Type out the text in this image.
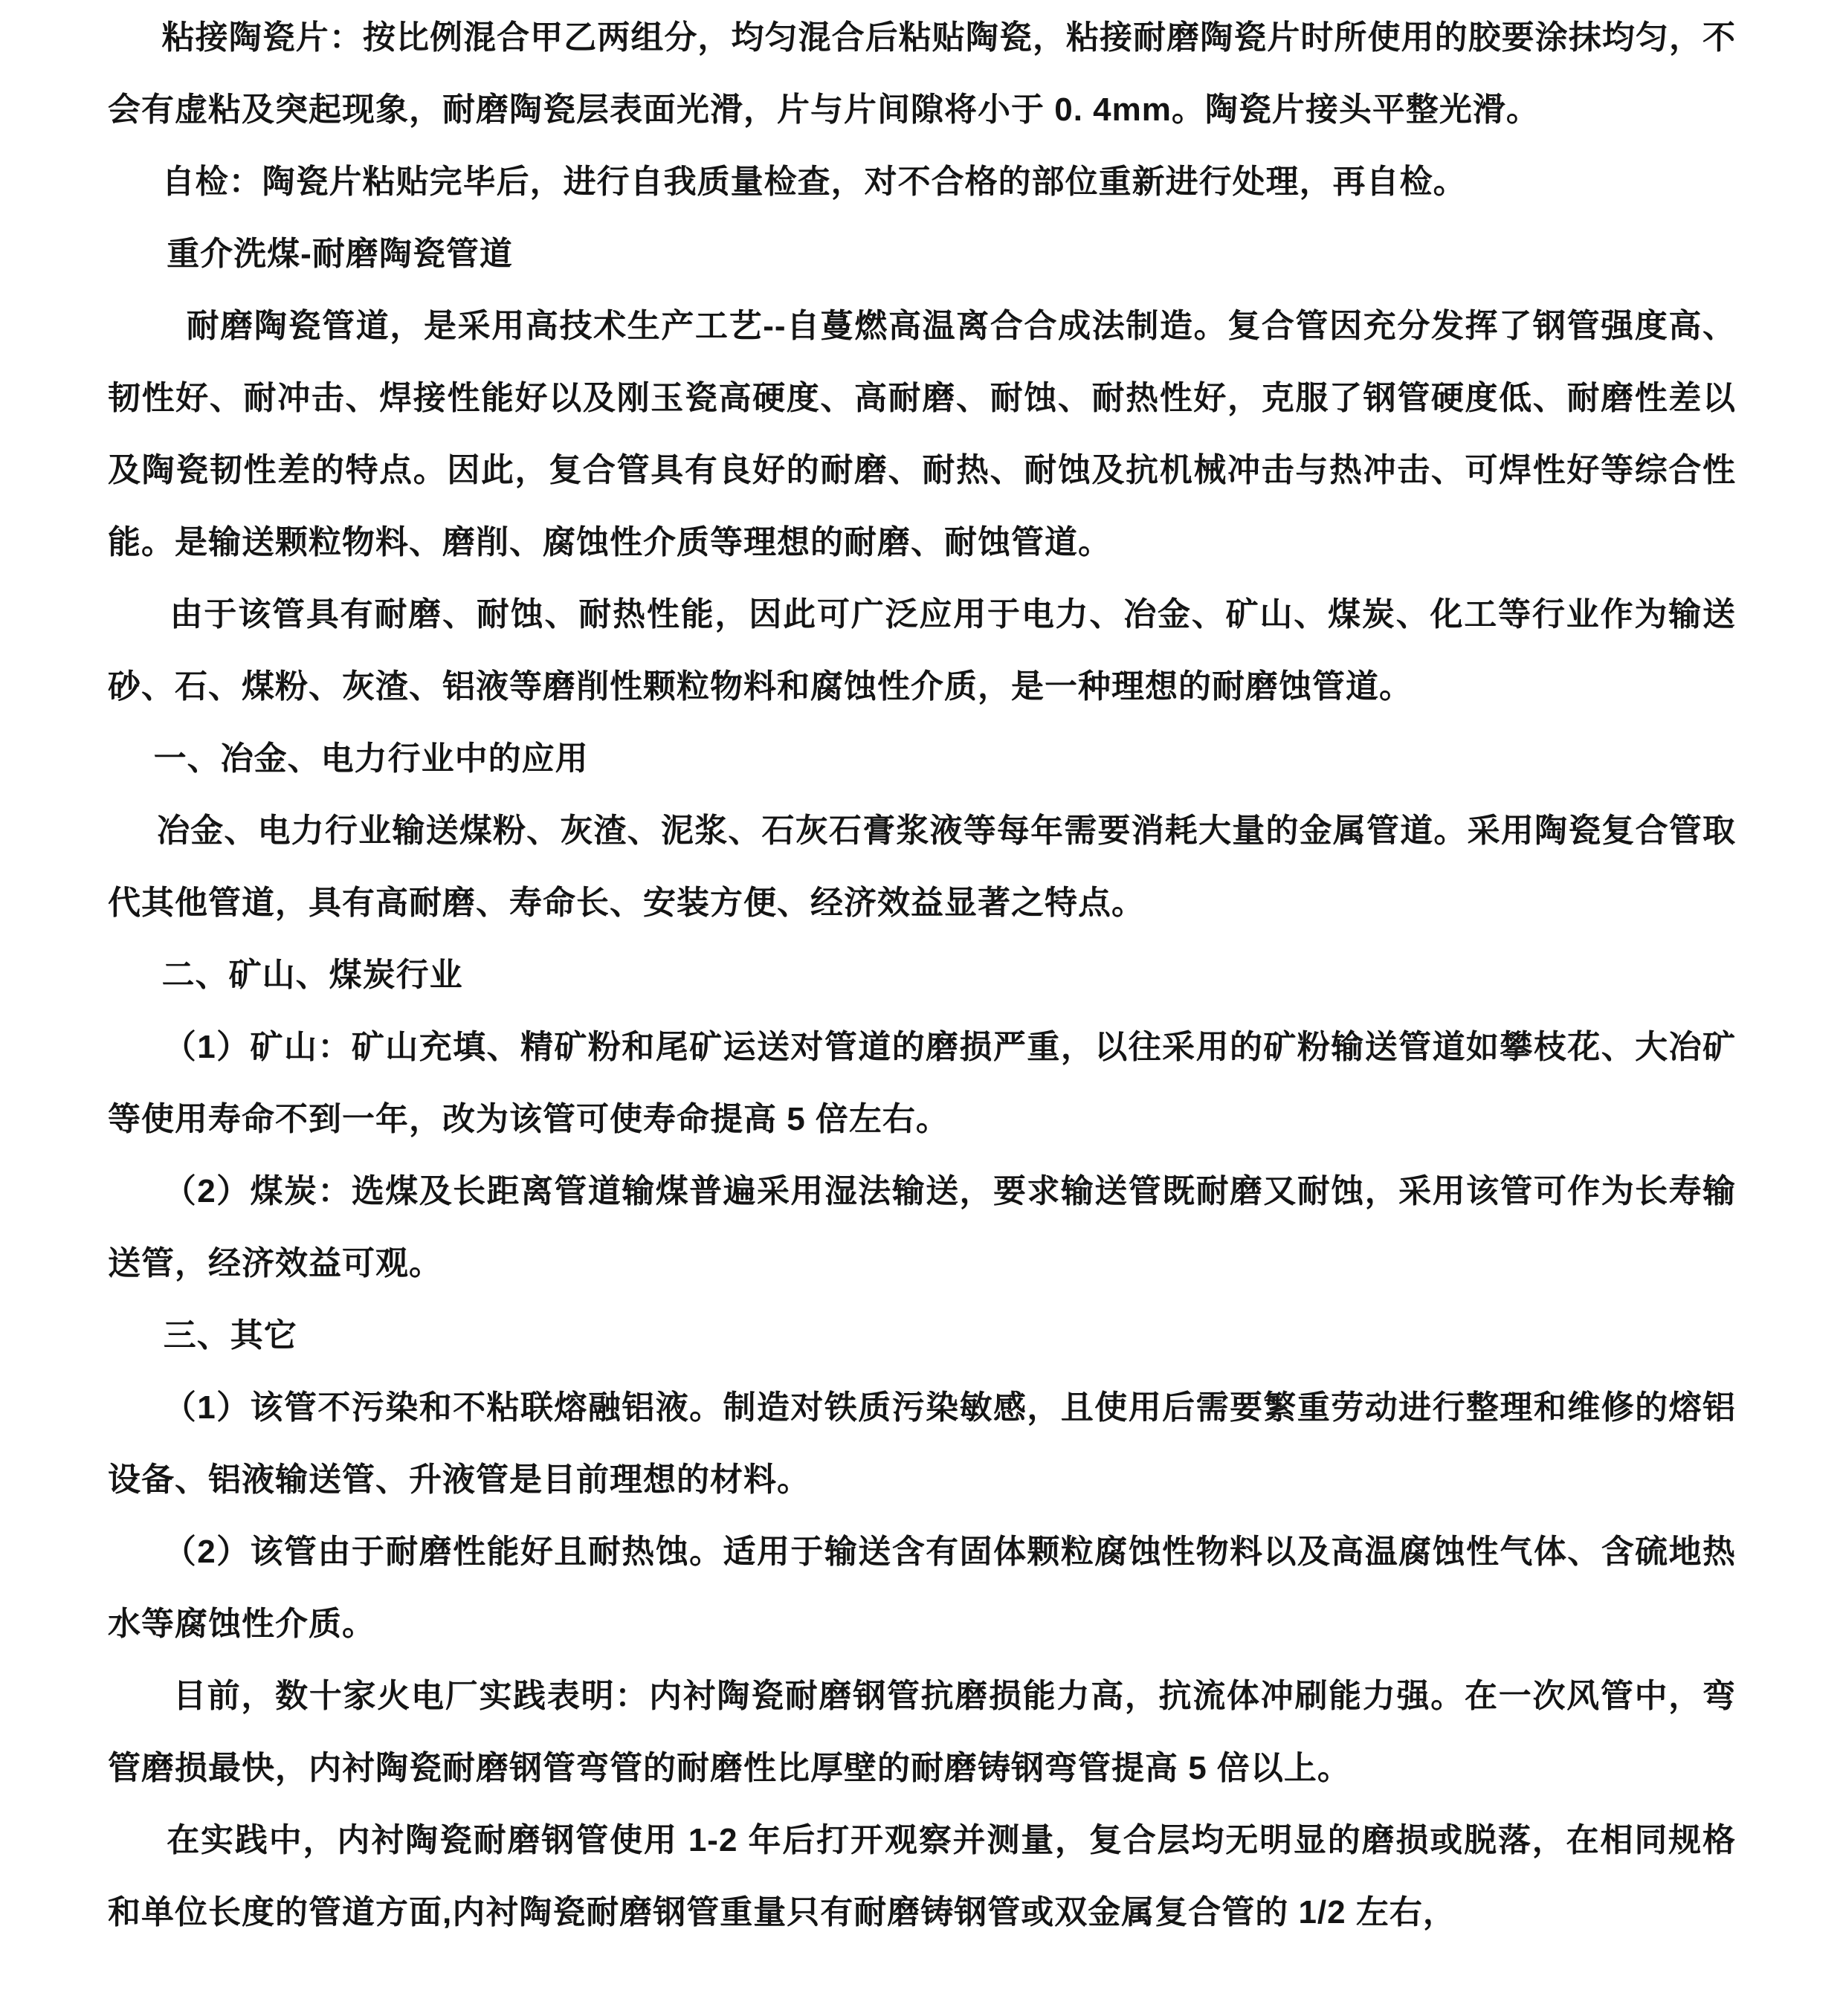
粘接陶瓷片：按比例混合甲乙两组分，均匀混合后粘贴陶瓷，粘接耐磨陶瓷片时所使用的胶要涂抹均匀，不会有虚粘及突起现象，耐磨陶瓷层表面光滑，片与片间隙将小于 0. 4mm。陶瓷片接头平整光滑。

自检：陶瓷片粘贴完毕后，进行自我质量检查，对不合格的部位重新进行处理，再自检。

重介洗煤-耐磨陶瓷管道

耐磨陶瓷管道，是采用高技术生产工艺--自蔓燃高温离合合成法制造。复合管因充分发挥了钢管强度高、韧性好、耐冲击、焊接性能好以及刚玉瓷高硬度、高耐磨、耐蚀、耐热性好，克服了钢管硬度低、耐磨性差以及陶瓷韧性差的特点。因此，复合管具有良好的耐磨、耐热、耐蚀及抗机械冲击与热冲击、可焊性好等综合性能。是输送颗粒物料、磨削、腐蚀性介质等理想的耐磨、耐蚀管道。

由于该管具有耐磨、耐蚀、耐热性能，因此可广泛应用于电力、冶金、矿山、煤炭、化工等行业作为输送砂、石、煤粉、灰渣、铝液等磨削性颗粒物料和腐蚀性介质，是一种理想的耐磨蚀管道。

一、冶金、电力行业中的应用

冶金、电力行业输送煤粉、灰渣、泥浆、石灰石膏浆液等每年需要消耗大量的金属管道。采用陶瓷复合管取代其他管道，具有高耐磨、寿命长、安装方便、经济效益显著之特点。

二、矿山、煤炭行业

（1）矿山：矿山充填、精矿粉和尾矿运送对管道的磨损严重，以往采用的矿粉输送管道如攀枝花、大冶矿等使用寿命不到一年，改为该管可使寿命提高 5 倍左右。

（2）煤炭：选煤及长距离管道输煤普遍采用湿法输送，要求输送管既耐磨又耐蚀，采用该管可作为长寿输送管，经济效益可观。

三、其它

（1）该管不污染和不粘联熔融铝液。制造对铁质污染敏感，且使用后需要繁重劳动进行整理和维修的熔铝设备、铝液输送管、升液管是目前理想的材料。

（2）该管由于耐磨性能好且耐热蚀。适用于输送含有固体颗粒腐蚀性物料以及高温腐蚀性气体、含硫地热水等腐蚀性介质。

目前，数十家火电厂实践表明：内衬陶瓷耐磨钢管抗磨损能力高，抗流体冲刷能力强。在一次风管中，弯管磨损最快，内衬陶瓷耐磨钢管弯管的耐磨性比厚壁的耐磨铸钢弯管提高 5 倍以上。

在实践中，内衬陶瓷耐磨钢管使用 1-2 年后打开观察并测量，复合层均无明显的磨损或脱落，在相同规格和单位长度的管道方面,内衬陶瓷耐磨钢管重量只有耐磨铸钢管或双金属复合管的 1/2 左右，
